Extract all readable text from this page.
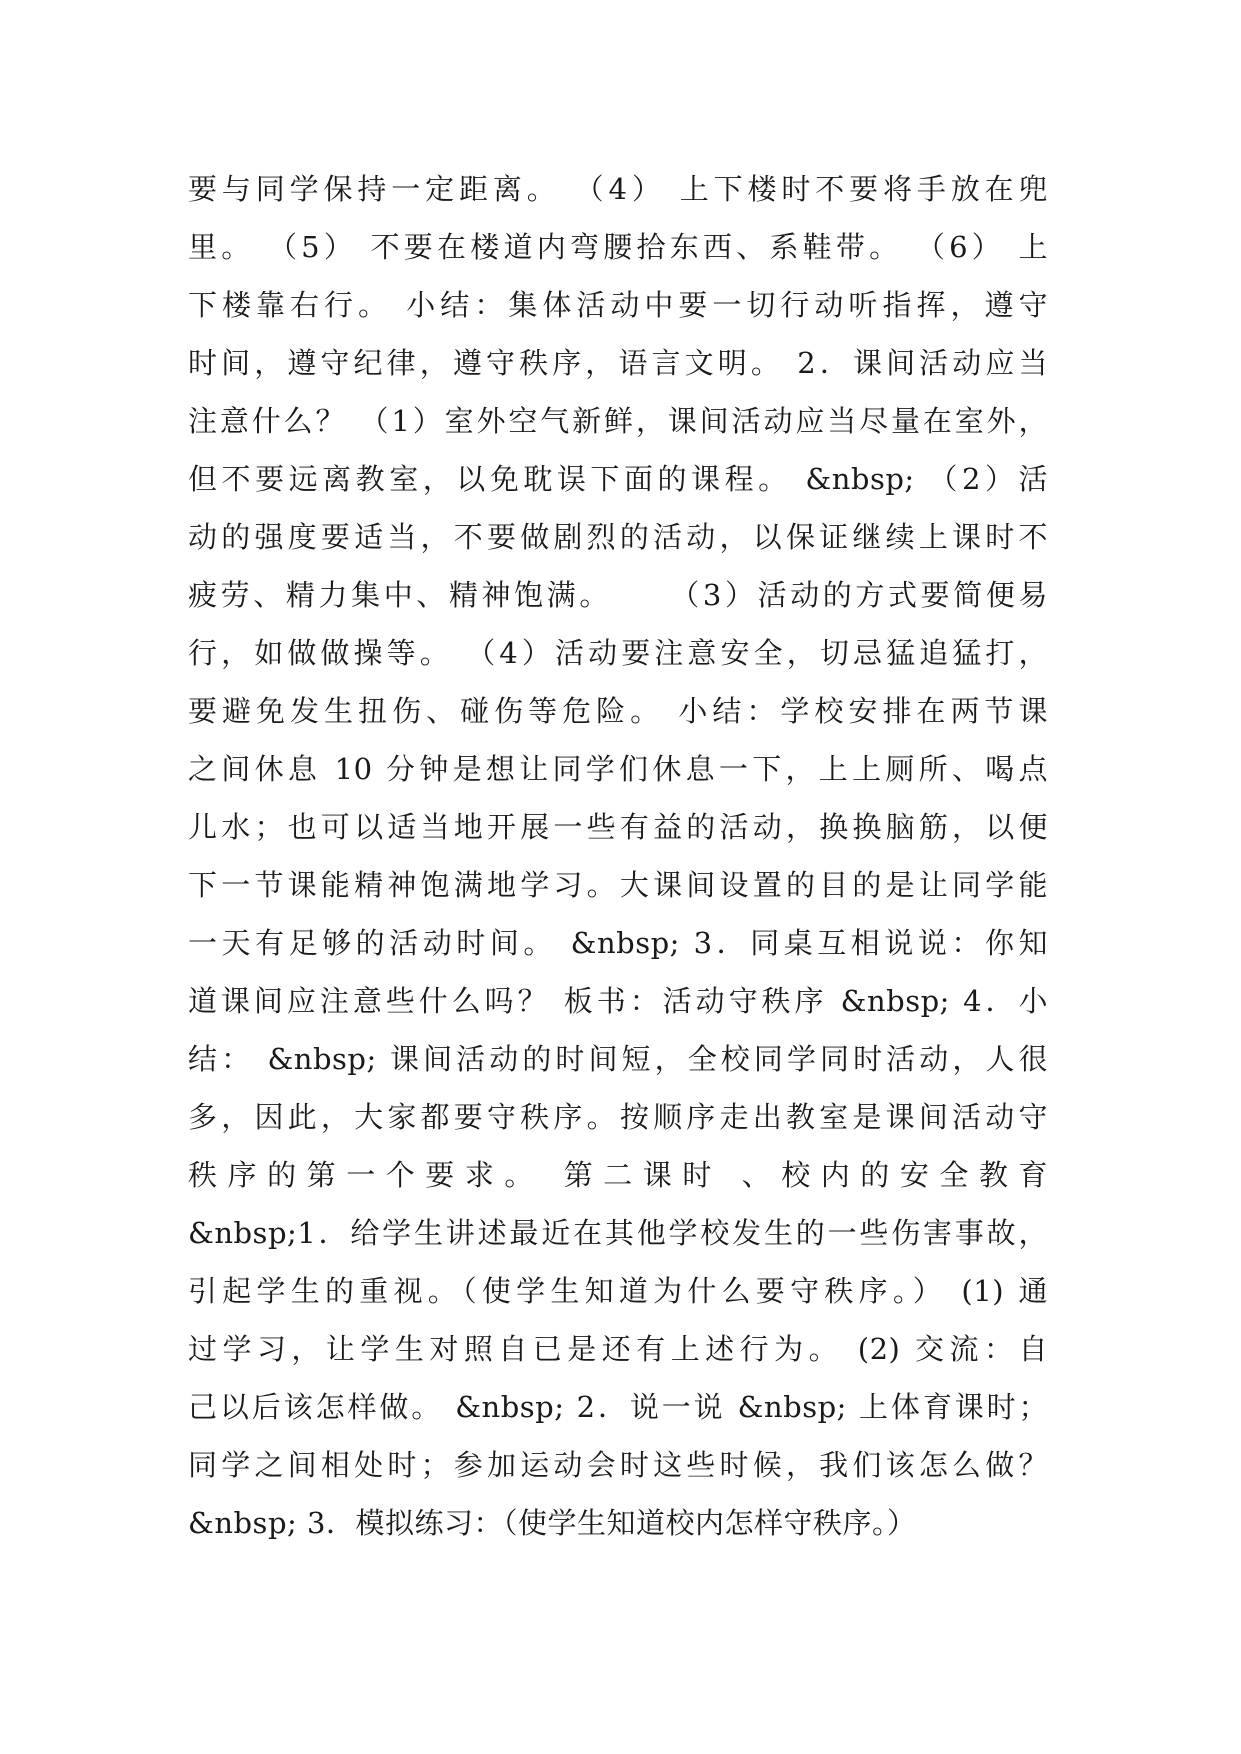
要与同学保持一定距离。 （4） 上下楼时不要将手放在兜
里。 （5） 不要在楼道内弯腰拾东西、系鞋带。 （6） 上
下楼靠右行。 小结：集体活动中要一切行动听指挥，遵守
时间，遵守纪律，遵守秩序，语言文明。 2．课间活动应当
注意什么？ （1）室外空气新鲜，课间活动应当尽量在室外，
但不要远离教室，以免耽误下面的课程。 &nbsp; （2）活
动的强度要适当，不要做剧烈的活动，以保证继续上课时不
疲劳、精力集中、精神饱满。 　 （3）活动的方式要简便易
行，如做做操等。 （4）活动要注意安全，切忌猛追猛打，
要避免发生扭伤、碰伤等危险。 小结：学校安排在两节课
之间休息 10 分钟是想让同学们休息一下，上上厕所、喝点
儿水；也可以适当地开展一些有益的活动，换换脑筋，以便
下一节课能精神饱满地学习。大课间设置的目的是让同学能
一天有足够的活动时间。 &nbsp; 3．同桌互相说说：你知
道课间应注意些什么吗？ 板书：活动守秩序 &nbsp; 4．小
结： &nbsp; 课间活动的时间短，全校同学同时活动，人很
多，因此，大家都要守秩序。按顺序走出教室是课间活动守
秩序的第一个要求。 第二课时 、校内的安全教育
&nbsp;1．给学生讲述最近在其他学校发生的一些伤害事故，
引起学生的重视。（使学生知道为什么要守秩序。） (1) 通
过学习，让学生对照自已是还有上述行为。 (2) 交流：自
己以后该怎样做。 &nbsp; 2．说一说 &nbsp; 上体育课时；
同学之间相处时；参加运动会时这些时候，我们该怎么做？
&nbsp; 3．模拟练习：（使学生知道校内怎样守秩序。）
